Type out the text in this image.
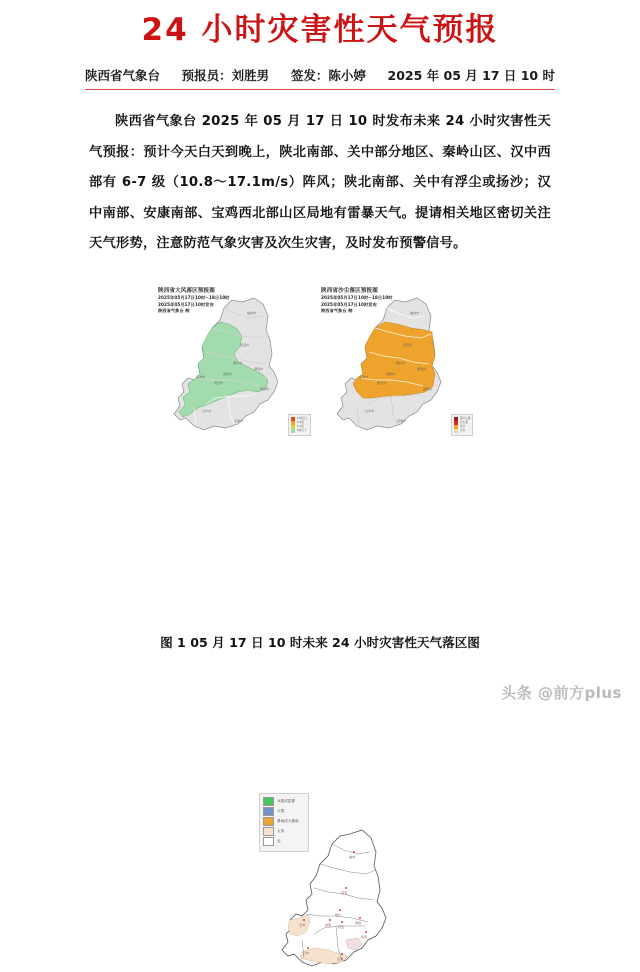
24 小时灾害性天气预报
陕西省气象台 预报员：刘胜男 签发：陈小婷 2025 年 05 月 17 日 10 时
陕西省气象台 2025 年 05 月 17 日 10 时发布未来 24 小时灾害性天气预报：预计今天白天到晚上，陕北南部、关中部分地区、秦岭山区、汉中西部有 6-7 级（10.8～17.1m/s）阵风；陕北南部、关中有浮尘或扬沙；汉中南部、安康南部、宝鸡西北部山区局地有雷暴天气。提请相关地区密切关注天气形势，注意防范气象灾害及次生灾害，及时发布预警信号。
陕西省大风落区预报图
2025年05月17日10时~18日10时
2025年05月17日10时发布
陕西省气象台 制	榆林市
延安市
铜川市
渭南市
咸阳市
西安市
宝鸡市
商洛市
汉中市
安康市
10级以上
8-9级
6-7级
6级以下
陕西省沙尘落区预报图
2025年05月17日10时~18日10时
2025年05月17日10时发布
陕西省气象台 制	榆林市
延安市
铜川市
渭南市
咸阳市
西安市
宝鸡市
商洛市
汉中市
安康市
强沙尘暴
沙尘暴
扬沙
浮尘
冰雹或雷暴
大雾
暴雨或大暴雨
大风
无
榆林
延安
铜川
渭南
咸阳 西安
宝鸡
商洛
汉中
安康
图 1 05 月 17 日 10 时未来 24 小时灾害性天气落区图
头条 @前方plus
